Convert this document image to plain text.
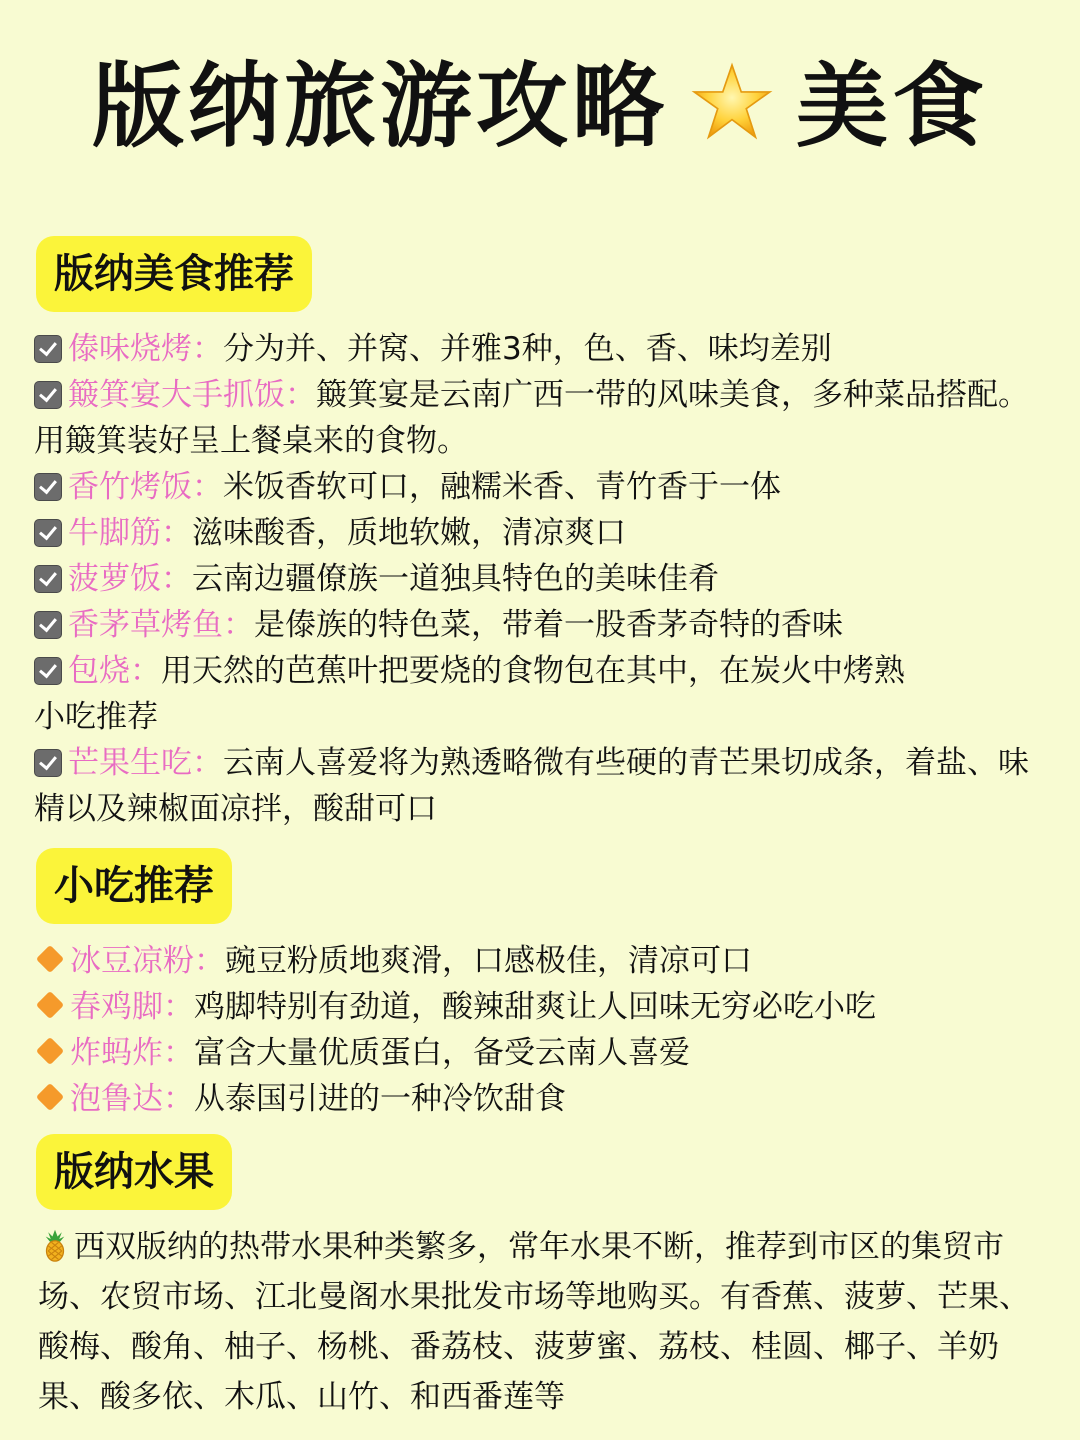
版纳旅游攻略 美食
版纳美食推荐
傣味烧烤：分为并、并窝、并雅3种，色、香、味均差别
簸箕宴大手抓饭：簸箕宴是云南广西一带的风味美食，多种菜品搭配。用簸箕装好呈上餐桌来的食物。
香竹烤饭：米饭香软可口，融糯米香、青竹香于一体
牛脚筋：滋味酸香，质地软嫩，清凉爽口
菠萝饭：云南边疆僚族一道独具特色的美味佳肴
香茅草烤鱼：是傣族的特色菜，带着一股香茅奇特的香味
包烧：用天然的芭蕉叶把要烧的食物包在其中，在炭火中烤熟
小吃推荐
芒果生吃：云南人喜爱将为熟透略微有些硬的青芒果切成条，着盐、味精以及辣椒面凉拌，酸甜可口
小吃推荐
冰豆凉粉：豌豆粉质地爽滑，口感极佳，清凉可口
春鸡脚：鸡脚特别有劲道，酸辣甜爽让人回味无穷必吃小吃
炸蚂炸：富含大量优质蛋白，备受云南人喜爱
泡鲁达：从泰国引进的一种冷饮甜食
版纳水果
西双版纳的热带水果种类繁多，常年水果不断，推荐到市区的集贸市场、农贸市场、江北曼阁水果批发市场等地购买。有香蕉、菠萝、芒果、酸梅、酸角、柚子、杨桃、番荔枝、菠萝蜜、荔枝、桂圆、椰子、羊奶果、酸多依、木瓜、山竹、和西番莲等
